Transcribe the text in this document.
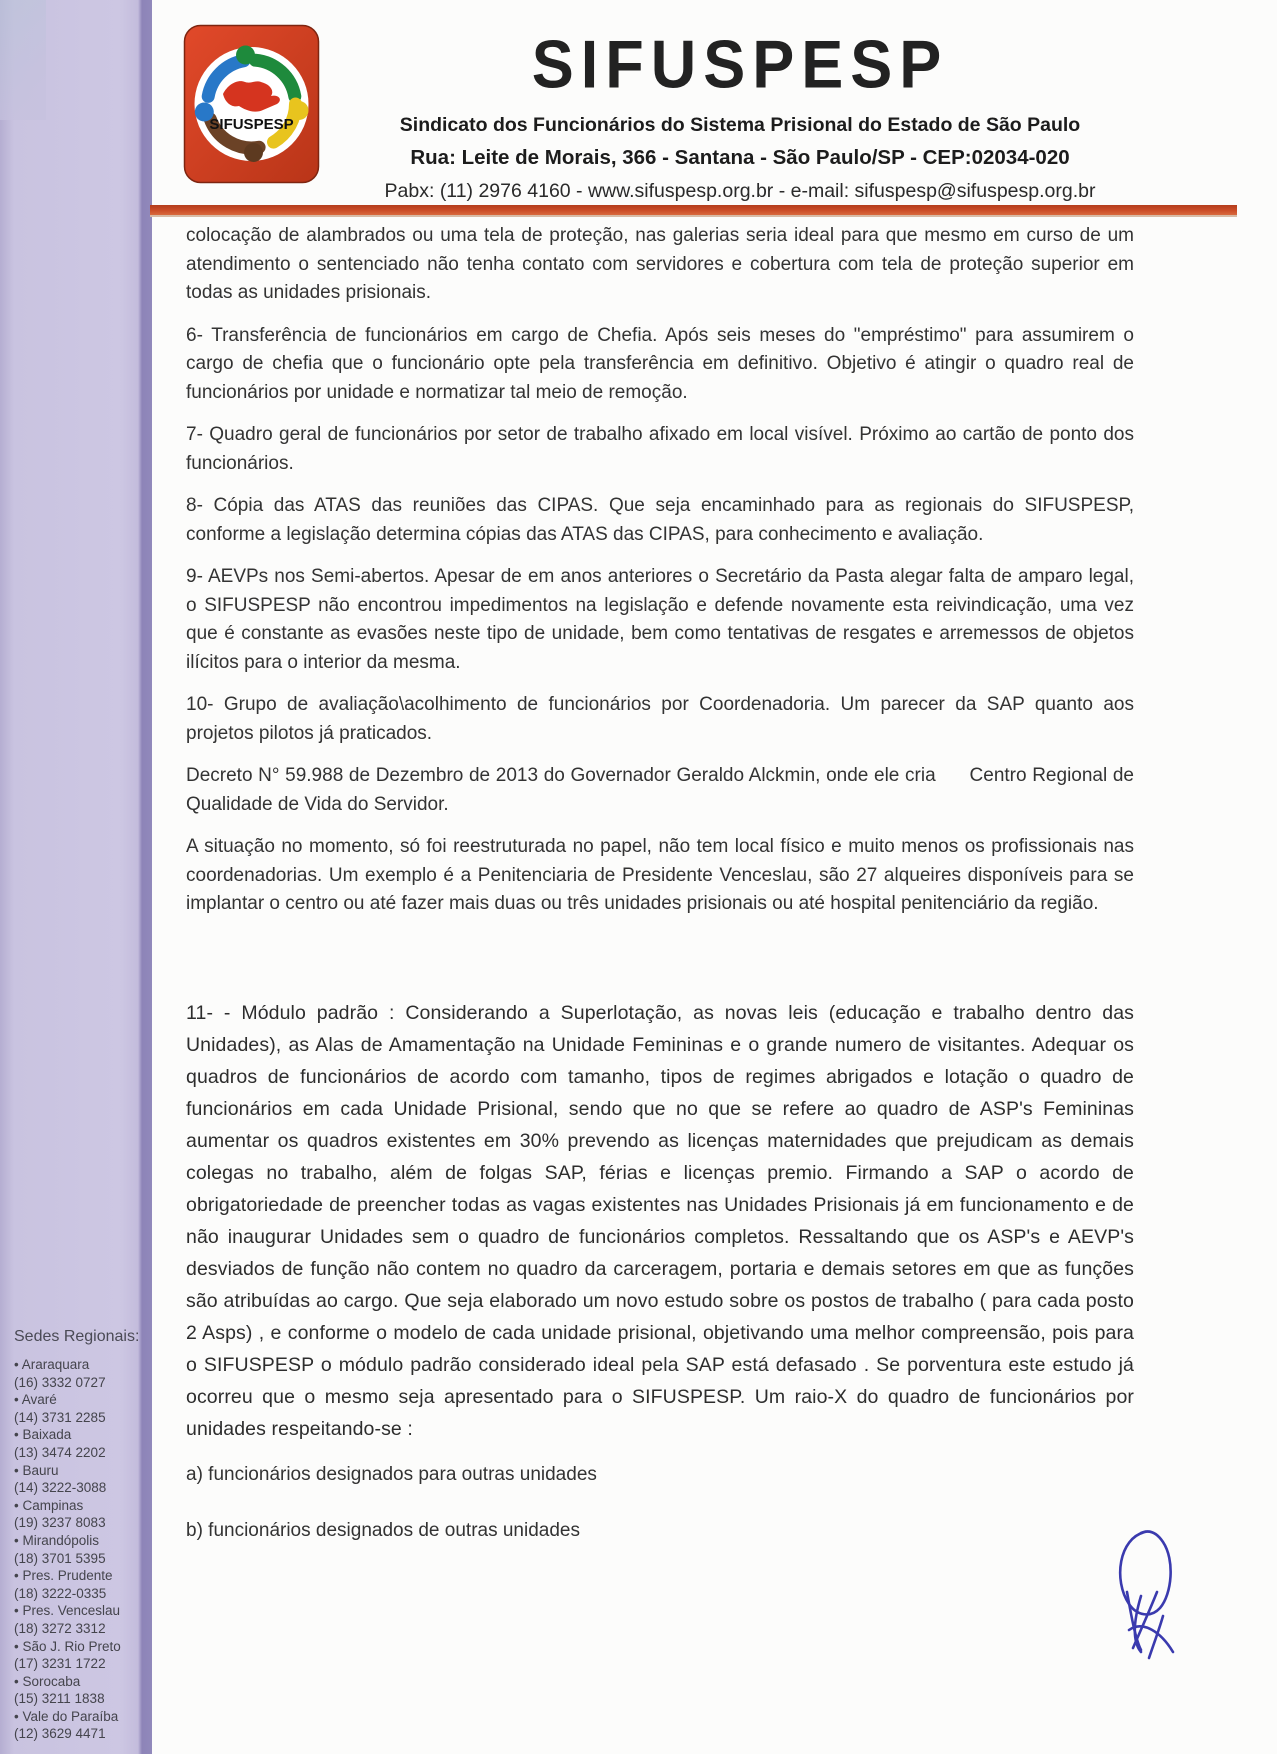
Sedes Regionais:
• Araraquara
(16) 3332 0727
• Avaré
(14) 3731 2285
• Baixada
(13) 3474 2202
• Bauru
(14) 3222-3088
• Campinas
(19) 3237 8083
• Mirandópolis
(18) 3701 5395
• Pres. Prudente
(18) 3222-0335
• Pres. Venceslau
(18) 3272 3312
• São J. Rio Preto
(17) 3231 1722
• Sorocaba
(15) 3211 1838
• Vale do Paraíba
(12) 3629 4471
SIFUSPESP
SIFUSPESP
Sindicato dos Funcionários do Sistema Prisional do Estado de São Paulo
Rua: Leite de Morais, 366 - Santana - São Paulo/SP - CEP:02034-020
Pabx: (11) 2976 4160 - www.sifuspesp.org.br - e-mail: sifuspesp@sifuspesp.org.br

colocação de alambrados ou uma tela de proteção, nas galerias seria ideal para que mesmo em curso de um atendimento o sentenciado não tenha contato com servidores e cobertura com tela de proteção superior em todas as unidades prisionais.

6- Transferência de funcionários em cargo de Chefia. Após seis meses do "empréstimo" para assumirem o cargo de chefia que o funcionário opte pela transferência em definitivo. Objetivo é atingir o quadro real de funcionários por unidade e normatizar tal meio de remoção.

7- Quadro geral de funcionários por setor de trabalho afixado em local visível. Próximo ao cartão de ponto dos funcionários.

8- Cópia das ATAS das reuniões das CIPAS. Que seja encaminhado para as regionais do SIFUSPESP, conforme a legislação determina cópias das ATAS das CIPAS, para conhecimento e avaliação.

9- AEVPs nos Semi-abertos. Apesar de em anos anteriores o Secretário da Pasta alegar falta de amparo legal, o SIFUSPESP não encontrou impedimentos na legislação e defende novamente esta reivindicação, uma vez que é constante as evasões neste tipo de unidade, bem como tentativas de resgates e arremessos de objetos ilícitos para o interior da mesma.

10- Grupo de avaliação\acolhimento de funcionários por Coordenadoria. Um parecer da SAP quanto aos projetos pilotos já praticados.

Decreto N° 59.988 de Dezembro de 2013 do Governador Geraldo Alckmin, onde ele cria      Centro Regional de Qualidade de Vida do Servidor.

A situação no momento, só foi reestruturada no papel, não tem local físico e muito menos os profissionais nas coordenadorias. Um exemplo é a Penitenciaria de Presidente Venceslau, são 27 alqueires disponíveis para se implantar o centro ou até fazer mais duas ou três unidades prisionais ou até hospital penitenciário da região.

11- - Módulo padrão : Considerando a Superlotação, as novas leis (educação e trabalho dentro das Unidades), as Alas de Amamentação na Unidade Femininas e o grande numero de visitantes. Adequar os quadros de funcionários de acordo com tamanho, tipos de regimes abrigados e lotação o quadro de funcionários em cada Unidade Prisional, sendo que no que se refere ao quadro de ASP's Femininas aumentar os quadros existentes em 30% prevendo as licenças maternidades que prejudicam as demais colegas no trabalho, além de folgas SAP, férias e licenças premio. Firmando a SAP o acordo de obrigatoriedade de preencher todas as vagas existentes nas Unidades Prisionais já em funcionamento e de não inaugurar Unidades sem o quadro de funcionários completos. Ressaltando que os ASP's e AEVP's desviados de função não contem no quadro da carceragem, portaria e demais setores em que as funções são atribuídas ao cargo. Que seja elaborado um novo estudo sobre os postos de trabalho ( para cada posto 2 Asps) , e conforme o modelo de cada unidade prisional, objetivando uma melhor compreensão, pois para o SIFUSPESP o módulo padrão considerado ideal pela SAP está defasado . Se porventura este estudo já ocorreu que o mesmo seja apresentado para o SIFUSPESP. Um raio-X do quadro de funcionários por unidades respeitando-se :

a) funcionários designados para outras unidades

b) funcionários designados de outras unidades
